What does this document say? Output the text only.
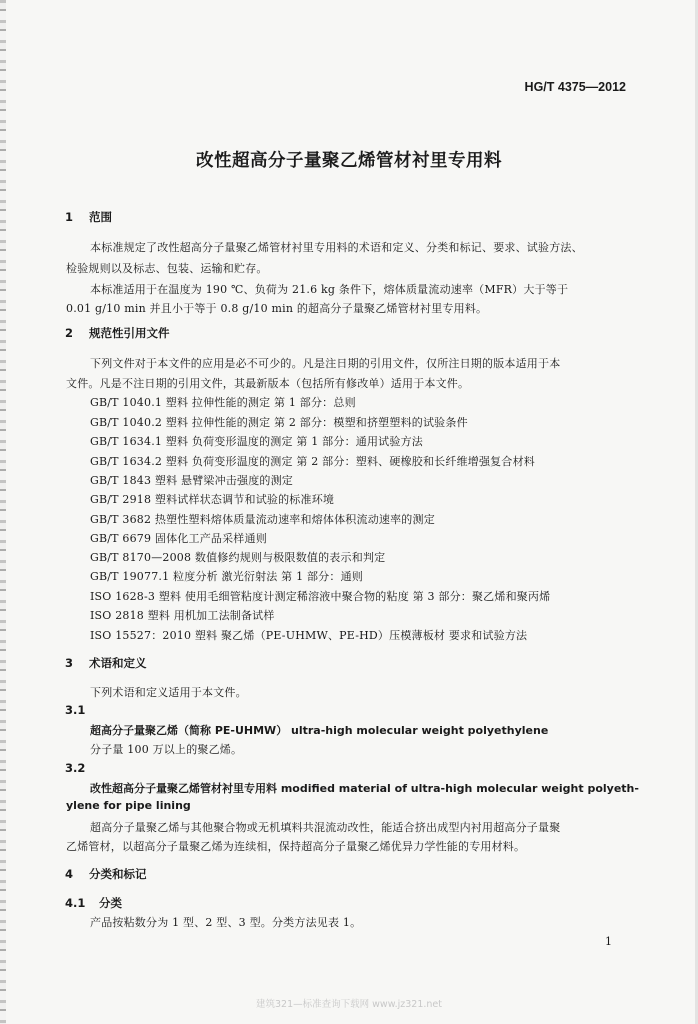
HG/T 4375—2012
改性超高分子量聚乙烯管材衬里专用料
1 范围
本标准规定了改性超高分子量聚乙烯管材衬里专用料的术语和定义、分类和标记、要求、试验方法、
检验规则以及标志、包装、运输和贮存。
本标准适用于在温度为 190 ℃、负荷为 21.6 kg 条件下，熔体质量流动速率（MFR）大于等于
0.01 g/10 min 并且小于等于 0.8 g/10 min 的超高分子量聚乙烯管材衬里专用料。
2 规范性引用文件
下列文件对于本文件的应用是必不可少的。凡是注日期的引用文件，仅所注日期的版本适用于本
文件。凡是不注日期的引用文件，其最新版本（包括所有修改单）适用于本文件。
GB/T 1040.1 塑料 拉伸性能的测定 第 1 部分：总则
GB/T 1040.2 塑料 拉伸性能的测定 第 2 部分：模塑和挤塑塑料的试验条件
GB/T 1634.1 塑料 负荷变形温度的测定 第 1 部分：通用试验方法
GB/T 1634.2 塑料 负荷变形温度的测定 第 2 部分：塑料、硬橡胶和长纤维增强复合材料
GB/T 1843 塑料 悬臂梁冲击强度的测定
GB/T 2918 塑料试样状态调节和试验的标准环境
GB/T 3682 热塑性塑料熔体质量流动速率和熔体体积流动速率的测定
GB/T 6679 固体化工产品采样通则
GB/T 8170—2008 数值修约规则与极限数值的表示和判定
GB/T 19077.1 粒度分析 激光衍射法 第 1 部分：通则
ISO 1628-3 塑料 使用毛细管粘度计测定稀溶液中聚合物的粘度 第 3 部分：聚乙烯和聚丙烯
ISO 2818 塑料 用机加工法制备试样
ISO 15527：2010 塑料 聚乙烯（PE-UHMW、PE-HD）压模薄板材 要求和试验方法
3 术语和定义
下列术语和定义适用于本文件。
3.1
超高分子量聚乙烯（简称 PE-UHMW） ultra-high molecular weight polyethylene
分子量 100 万以上的聚乙烯。
3.2
改性超高分子量聚乙烯管材衬里专用料 modified material of ultra-high molecular weight polyeth-
ylene for pipe lining
超高分子量聚乙烯与其他聚合物或无机填料共混流动改性，能适合挤出成型内衬用超高分子量聚
乙烯管材，以超高分子量聚乙烯为连续相，保持超高分子量聚乙烯优异力学性能的专用材料。
4 分类和标记
4.1 分类
产品按粘数分为 1 型、2 型、3 型。分类方法见表 1。
1
建筑321—标准查询下载网 www.jz321.net
